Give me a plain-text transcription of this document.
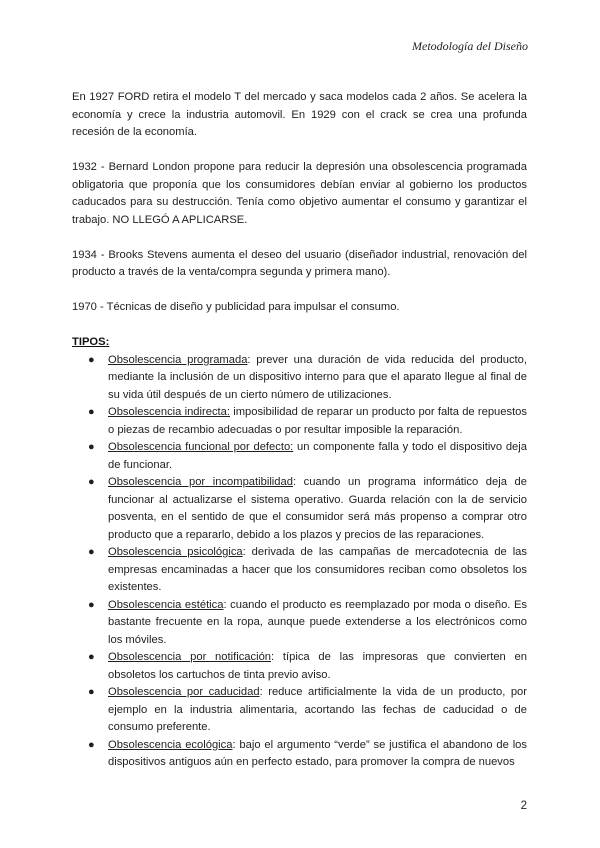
Metodología del Diseño

En 1927 FORD retira el modelo T del mercado y saca modelos cada 2 años. Se acelera la economía y crece la industria automovil. En 1929 con el crack se crea una profunda recesión de la economía.

1932 - Bernard London propone para reducir la depresión una obsolescencia programada obligatoria que proponía que los consumidores debían enviar al gobierno los productos caducados para su destrucción. Tenía como objetivo aumentar el consumo y garantizar el trabajo. NO LLEGÓ A APLICARSE.

1934 - Brooks Stevens aumenta el deseo del usuario (diseñador industrial, renovación del producto a través de la venta/compra segunda y primera mano).

1970 - Técnicas de diseño y publicidad para impulsar el consumo.

TIPOS:
● Obsolescencia programada: prever una duración de vida reducida del producto, mediante la inclusión de un dispositivo interno para que el aparato llegue al final de su vida útil después de un cierto número de utilizaciones.
● Obsolescencia indirecta: imposibilidad de reparar un producto por falta de repuestos o piezas de recambio adecuadas o por resultar imposible la reparación.
● Obsolescencia funcional por defecto: un componente falla y todo el dispositivo deja de funcionar.
● Obsolescencia por incompatibilidad: cuando un programa informático deja de funcionar al actualizarse el sistema operativo. Guarda relación con la de servicio posventa, en el sentido de que el consumidor será más propenso a comprar otro producto que a repararlo, debido a los plazos y precios de las reparaciones.
● Obsolescencia psicológica: derivada de las campañas de mercadotecnia de las empresas encaminadas a hacer que los consumidores reciban como obsoletos los existentes.
● Obsolescencia estética: cuando el producto es reemplazado por moda o diseño. Es bastante frecuente en la ropa, aunque puede extenderse a los electrónicos como los móviles.
● Obsolescencia por notificación: típica de las impresoras que convierten en obsoletos los cartuchos de tinta previo aviso.
● Obsolescencia por caducidad: reduce artificialmente la vida de un producto, por ejemplo en la industria alimentaria, acortando las fechas de caducidad o de consumo preferente.
● Obsolescencia ecológica: bajo el argumento “verde” se justifica el abandono de los dispositivos antiguos aún en perfecto estado, para promover la compra de nuevos
2
